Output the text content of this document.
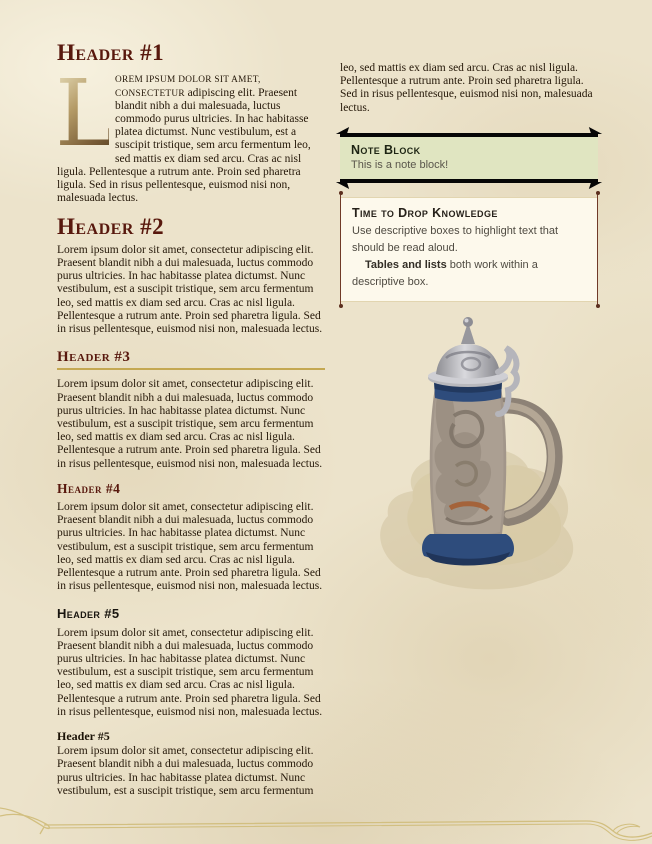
Header #1

L
OREM IPSUM DOLOR SIT AMET, CONSECTETUR adipiscing elit. Praesent blandit nibh a dui malesuada, luctus commodo purus ultricies. In hac habitasse platea dictumst. Nunc vestibulum, est a suscipit tristique, sem arcu fermentum leo, sed mattis ex diam sed arcu. Cras ac nisl ligula. Pellentesque a rutrum ante. Proin sed pharetra ligula. Sed in risus pellentesque, euismod nisi non, malesuada lectus.

Header #2

Lorem ipsum dolor sit amet, consectetur adipiscing elit. Praesent blandit nibh a dui malesuada, luctus commodo purus ultricies. In hac habitasse platea dictumst. Nunc vestibulum, est a suscipit tristique, sem arcu fermentum leo, sed mattis ex diam sed arcu. Cras ac nisl ligula. Pellentesque a rutrum ante. Proin sed pharetra ligula. Sed in risus pellentesque, euismod nisi non, malesuada lectus.

Header #3

Lorem ipsum dolor sit amet, consectetur adipiscing elit. Praesent blandit nibh a dui malesuada, luctus commodo purus ultricies. In hac habitasse platea dictumst. Nunc vestibulum, est a suscipit tristique, sem arcu fermentum leo, sed mattis ex diam sed arcu. Cras ac nisl ligula. Pellentesque a rutrum ante. Proin sed pharetra ligula. Sed in risus pellentesque, euismod nisi non, malesuada lectus.

Header #4

Lorem ipsum dolor sit amet, consectetur adipiscing elit. Praesent blandit nibh a dui malesuada, luctus commodo purus ultricies. In hac habitasse platea dictumst. Nunc vestibulum, est a suscipit tristique, sem arcu fermentum leo, sed mattis ex diam sed arcu. Cras ac nisl ligula. Pellentesque a rutrum ante. Proin sed pharetra ligula. Sed in risus pellentesque, euismod nisi non, malesuada lectus.

Header #5

Lorem ipsum dolor sit amet, consectetur adipiscing elit. Praesent blandit nibh a dui malesuada, luctus commodo purus ultricies. In hac habitasse platea dictumst. Nunc vestibulum, est a suscipit tristique, sem arcu fermentum leo, sed mattis ex diam sed arcu. Cras ac nisl ligula. Pellentesque a rutrum ante. Proin sed pharetra ligula. Sed in risus pellentesque, euismod nisi non, malesuada lectus.

Header #5

Lorem ipsum dolor sit amet, consectetur adipiscing elit. Praesent blandit nibh a dui malesuada, luctus commodo purus ultricies. In hac habitasse platea dictumst. Nunc vestibulum, est a suscipit tristique, sem arcu fermentum

leo, sed mattis ex diam sed arcu. Cras ac nisl ligula. Pellentesque a rutrum ante. Proin sed pharetra ligula. Sed in risus pellentesque, euismod nisi non, malesuada lectus.

Note Block
This is a note block!
Time to Drop Knowledge
Use descriptive boxes to highlight text that should be read aloud.
Tables and lists both work within a descriptive box.
